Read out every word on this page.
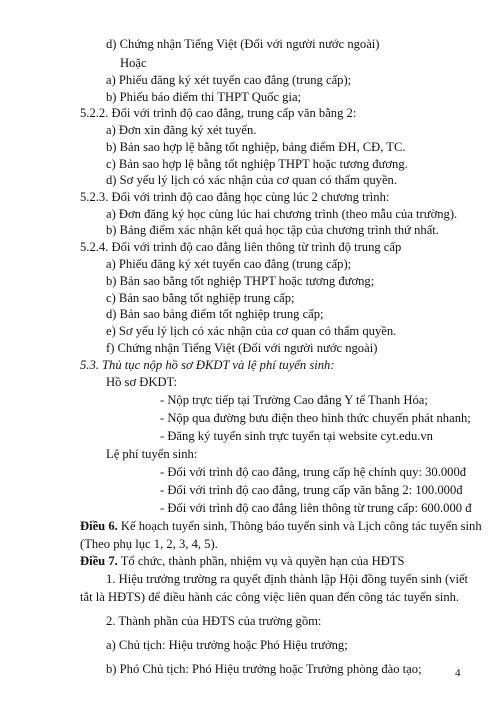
d) Chứng nhận Tiếng Việt (Đối với người nước ngoài)
Hoặc
a) Phiếu đăng ký xét tuyển cao đẳng (trung cấp);
b) Phiếu báo điểm thi THPT Quốc gia;
5.2.2. Đối với trình độ cao đẳng, trung cấp văn bằng 2:
a) Đơn xin đăng ký xét tuyển.
b) Bản sao hợp lệ bằng tốt nghiệp, bảng điểm ĐH, CĐ, TC.
c) Bản sao hợp lệ bằng tốt nghiệp THPT hoặc tương đương.
d) Sơ yếu lý lịch có xác nhận của cơ quan có thẩm quyền.
5.2.3. Đối với trình độ cao đẳng học cùng lúc 2 chương trình:
a) Đơn đăng ký học cùng lúc hai chương trình (theo mẫu của trường).
b) Bảng điểm xác nhận kết quả học tập của chương trình thứ nhất.
5.2.4. Đối với trình độ cao đẳng liên thông từ trình độ trung cấp
a) Phiếu đăng ký xét tuyển cao đẳng (trung cấp);
b) Bản sao bằng tốt nghiệp THPT hoặc tương đương;
c) Bản sao bằng tốt nghiệp trung cấp;
d) Bản sao bảng điểm tốt nghiệp trung cấp;
e) Sơ yếu lý lịch có xác nhận của cơ quan có thẩm quyền.
f) Chứng nhận Tiếng Việt (Đối với người nước ngoài)
5.3. Thủ tục nộp hồ sơ ĐKDT và lệ phí tuyển sinh:
Hồ sơ ĐKDT:
- Nộp trực tiếp tại Trường Cao đẳng Y tế Thanh Hóa;
- Nộp qua đường bưu điện theo hình thức chuyển phát nhanh;
- Đăng ký tuyển sinh trực tuyến tại website cyt.edu.vn
Lệ phí tuyển sinh:
- Đối với trình độ cao đẳng, trung cấp hệ chính quy: 30.000đ
- Đối với trình độ cao đẳng, trung cấp văn bằng 2: 100.000đ
- Đối với trình độ cao đẳng liên thông từ trung cấp: 600.000 đ
Điều 6. Kế hoạch tuyển sinh, Thông báo tuyển sinh và Lịch công tác tuyển sinh
(Theo phụ lục 1, 2, 3, 4, 5).
Điều 7. Tổ chức, thành phần, nhiệm vụ và quyền hạn của HĐTS
1. Hiệu trưởng trường ra quyết định thành lập Hội đồng tuyển sinh (viết
tắt là HĐTS) để điều hành các công việc liên quan đến công tác tuyển sinh.
2. Thành phần của HĐTS của trường gồm:
a) Chủ tịch: Hiệu trưởng hoặc Phó Hiệu trưởng;
b) Phó Chủ tịch: Phó Hiệu trưởng hoặc Trưởng phòng đào tạo;	4
